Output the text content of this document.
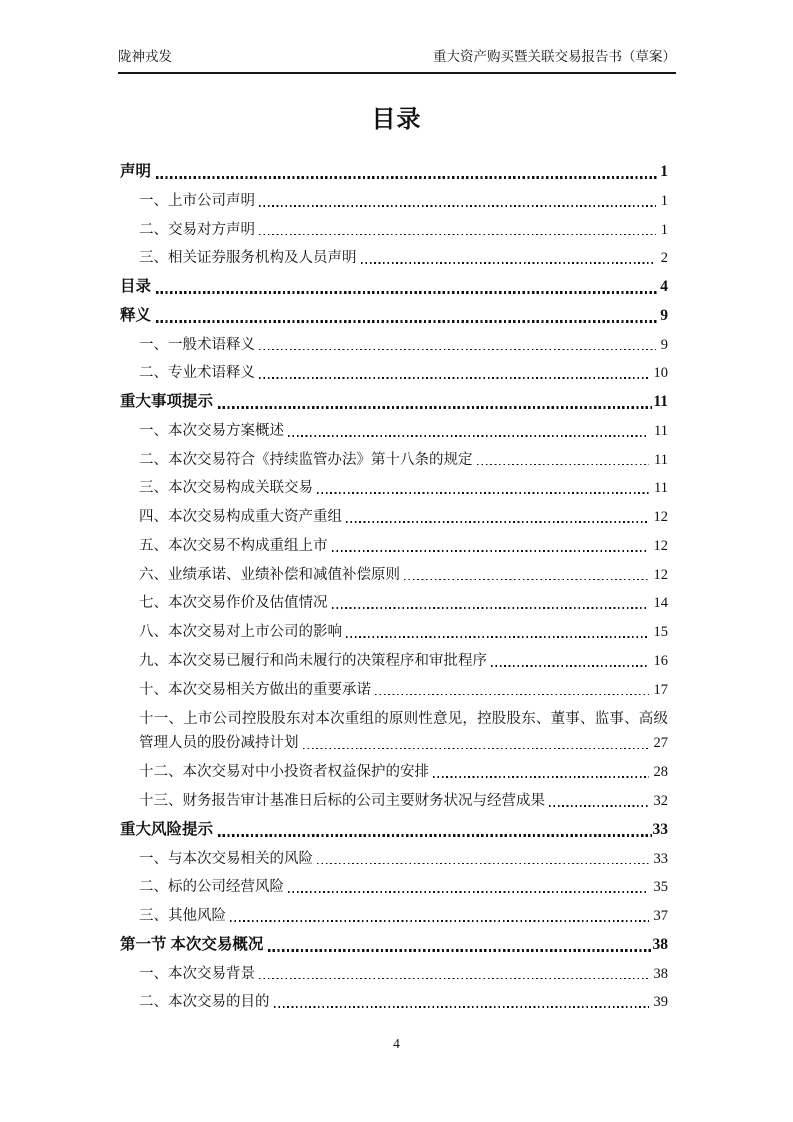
陇神戎发	重大资产购买暨关联交易报告书（草案）
目录
声明	1
一、上市公司声明	1
二、交易对方声明	1
三、相关证券服务机构及人员声明	2
目录	4
释义	9
一、一般术语释义	9
二、专业术语释义	10
重大事项提示	11
一、本次交易方案概述	11
二、本次交易符合《持续监管办法》第十八条的规定	11
三、本次交易构成关联交易	11
四、本次交易构成重大资产重组	12
五、本次交易不构成重组上市	12
六、业绩承诺、业绩补偿和减值补偿原则	12
七、本次交易作价及估值情况	14
八、本次交易对上市公司的影响	15
九、本次交易已履行和尚未履行的决策程序和审批程序	16
十、本次交易相关方做出的重要承诺	17
十一、上市公司控股股东对本次重组的原则性意见，控股股东、董事、监事、高级
管理人员的股份减持计划	27
十二、本次交易对中小投资者权益保护的安排	28
十三、财务报告审计基准日后标的公司主要财务状况与经营成果	32
重大风险提示	33
一、与本次交易相关的风险	33
二、标的公司经营风险	35
三、其他风险	37
第一节 本次交易概况	38
一、本次交易背景	38
二、本次交易的目的	39
4
